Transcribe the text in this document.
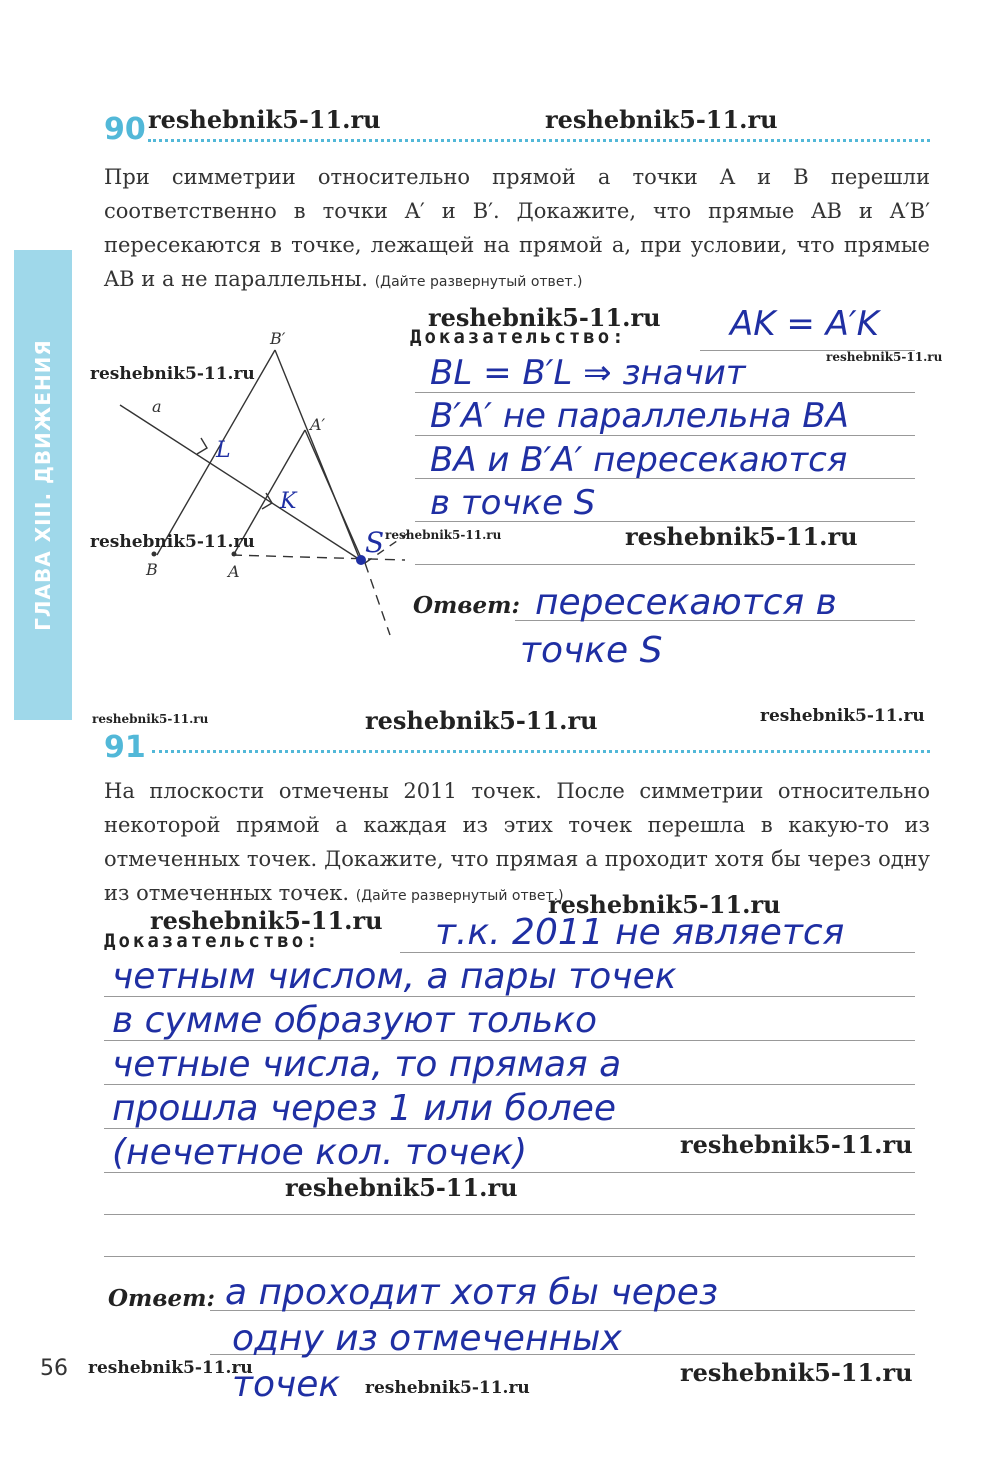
ГЛАВА XIII. ДВИЖЕНИЯ
90 reshebnik5-11.ru	reshebnik5-11.ru
При симметрии относительно прямой a точки A и B перешли соответственно в точки A′ и B′. Докажите, что прямые AB и A′B′ пересекаются в точке, лежащей на прямой a, при условии, что прямые AB и a не параллельны. (Дайте развернутый ответ.)
B′
A′
a
B	A
L
K
S
reshebnik5-11.ru
reshebnik5-11.ru	reshebnik5-11.ru
reshebnik5-11.ru
Доказательство:
reshebnik5-11.ru
AK = A′K
BL = B′L ⇒ значит
B′A′ не параллельна BA
BA и B′A′ пересекаются
в точке S
reshebnik5-11.ru
Ответ: пересекаются в
точке S
reshebnik5-11.ru	reshebnik5-11.ru	reshebnik5-11.ru
91
На плоскости отмечены 2011 точек. После симметрии относительно некоторой прямой a каждая из этих точек перешла в какую-то из отмеченных точек. Докажите, что прямая a проходит хотя бы через одну из отмеченных точек. (Дайте развернутый ответ.)
reshebnik5-11.ru
reshebnik5-11.ru
Доказательство:	т.к. 2011 не является
четным числом, а пары точек
в сумме образуют только
четные числа, то прямая a
прошла через 1 или более
(нечетное кол. точек)	reshebnik5-11.ru
reshebnik5-11.ru
Ответ: a проходит хотя бы через
одну из отмеченных
точек
56 reshebnik5-11.ru	reshebnik5-11.ru
reshebnik5-11.ru
